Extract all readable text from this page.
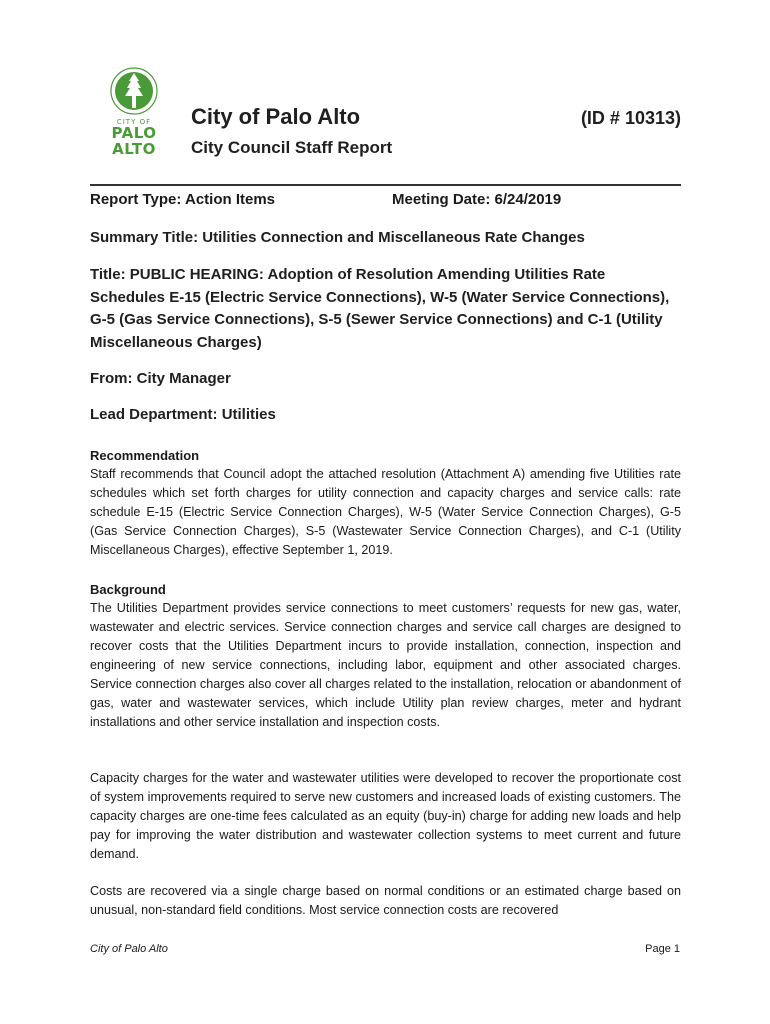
CITY OF
PALO
ALTO
City of Palo Alto	(ID # 10313)
City Council Staff Report
Report Type: Action Items	Meeting Date: 6/24/2019
Summary Title: Utilities Connection and Miscellaneous Rate Changes
Title: PUBLIC HEARING: Adoption of Resolution Amending Utilities Rate Schedules E-15 (Electric Service Connections), W-5 (Water Service Connections), G-5 (Gas Service Connections), S-5 (Sewer Service Connections) and C-1 (Utility Miscellaneous Charges)
From: City Manager
Lead Department: Utilities
Recommendation

Staff recommends that Council adopt the attached resolution (Attachment A) amending five Utilities rate schedules which set forth charges for utility connection and capacity charges and service calls: rate schedule E-15 (Electric Service Connection Charges), W-5 (Water Service Connection Charges), G-5 (Gas Service Connection Charges), S-5 (Wastewater Service Connection Charges), and C-1 (Utility Miscellaneous Charges), effective September 1, 2019.

Background

The Utilities Department provides service connections to meet customers’ requests for new gas, water, wastewater and electric services. Service connection charges and service call charges are designed to recover costs that the Utilities Department incurs to provide installation, connection, inspection and engineering of new service connections, including labor, equipment and other associated charges. Service connection charges also cover all charges related to the installation, relocation or abandonment of gas, water and wastewater services, which include Utility plan review charges, meter and hydrant installations and other service installation and inspection costs.

Capacity charges for the water and wastewater utilities were developed to recover the proportionate cost of system improvements required to serve new customers and increased loads of existing customers. The capacity charges are one-time fees calculated as an equity (buy-in) charge for adding new loads and help pay for improving the water distribution and wastewater collection systems to meet current and future demand.

Costs are recovered via a single charge based on normal conditions or an estimated charge based on unusual, non-standard field conditions. Most service connection costs are recovered

City of Palo Alto	Page 1
